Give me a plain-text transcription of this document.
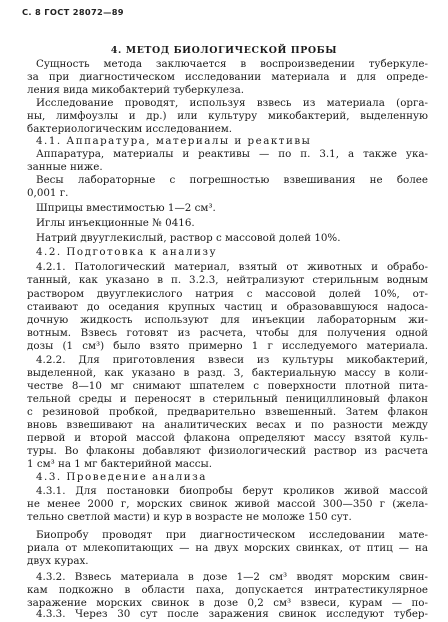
С. 8 ГОСТ 28072—89
4. МЕТОД БИОЛОГИЧЕСКОЙ ПРОБЫ
Сущность метода заключается в воспроизведении туберкуле-
за при диагностическом исследовании материала и для опреде-
ления вида микобактерий туберкулеза.
Исследование проводят, используя взвесь из материала (орга-
ны, лимфоузлы и др.) или культуру микобактерий, выделенную
бактериологическим исследованием.
4.1. Аппаратура, материалы и реактивы
Аппаратура, материалы и реактивы — по п. 3.1, а также ука-
занные ниже.
Весы лабораторные с погрешностью взвешивания не более
0,001 г.
Шприцы вместимостью 1—2 см³.
Иглы инъекционные № 0416.
Натрий двууглекислый, раствор с массовой долей 10%.
4.2. Подготовка к анализу
4.2.1. Патологический материал, взятый от животных и обрабо-
танный, как указано в п. 3.2.3, нейтрализуют стерильным водным
раствором двууглекислого натрия с массовой долей 10%, от-
стаивают до оседания крупных частиц и образовавшуюся надоса-
дочную жидкость используют для инъекции лабораторным жи-
вотным. Взвесь готовят из расчета, чтобы для получения одной
дозы (1 см³) было взято примерно 1 г исследуемого материала.
4.2.2. Для приготовления взвеси из культуры микобактерий,
выделенной, как указано в разд. 3, бактериальную массу в коли-
честве 8—10 мг снимают шпателем с поверхности плотной пита-
тельной среды и переносят в стерильный пенициллиновый флакон
с резиновой пробкой, предварительно взвешенный. Затем флакон
вновь взвешивают на аналитических весах и по разности между
первой и второй массой флакона определяют массу взятой куль-
туры. Во флаконы добавляют физиологический раствор из расчета
1 см³ на 1 мг бактерийной массы.
4.3. Проведение анализа
4.3.1. Для постановки биопробы берут кроликов живой массой
не менее 2000 г, морских свинок живой массой 300—350 г (жела-
тельно светлой масти) и кур в возрасте не моложе 150 сут.
Биопробу проводят при диагностическом исследовании мате-
риала от млекопитающих — на двух морских свинках, от птиц — на
двух курах.
4.3.2. Взвесь материала в дозе 1—2 см³ вводят морским свин-
кам подкожно в области паха, допускается интратестикулярное
заражение морских свинок в дозе 0,2 см³ взвеси, курам — по-
4.3.3. Через 30 сут после заражения свинок исследуют тубер-
